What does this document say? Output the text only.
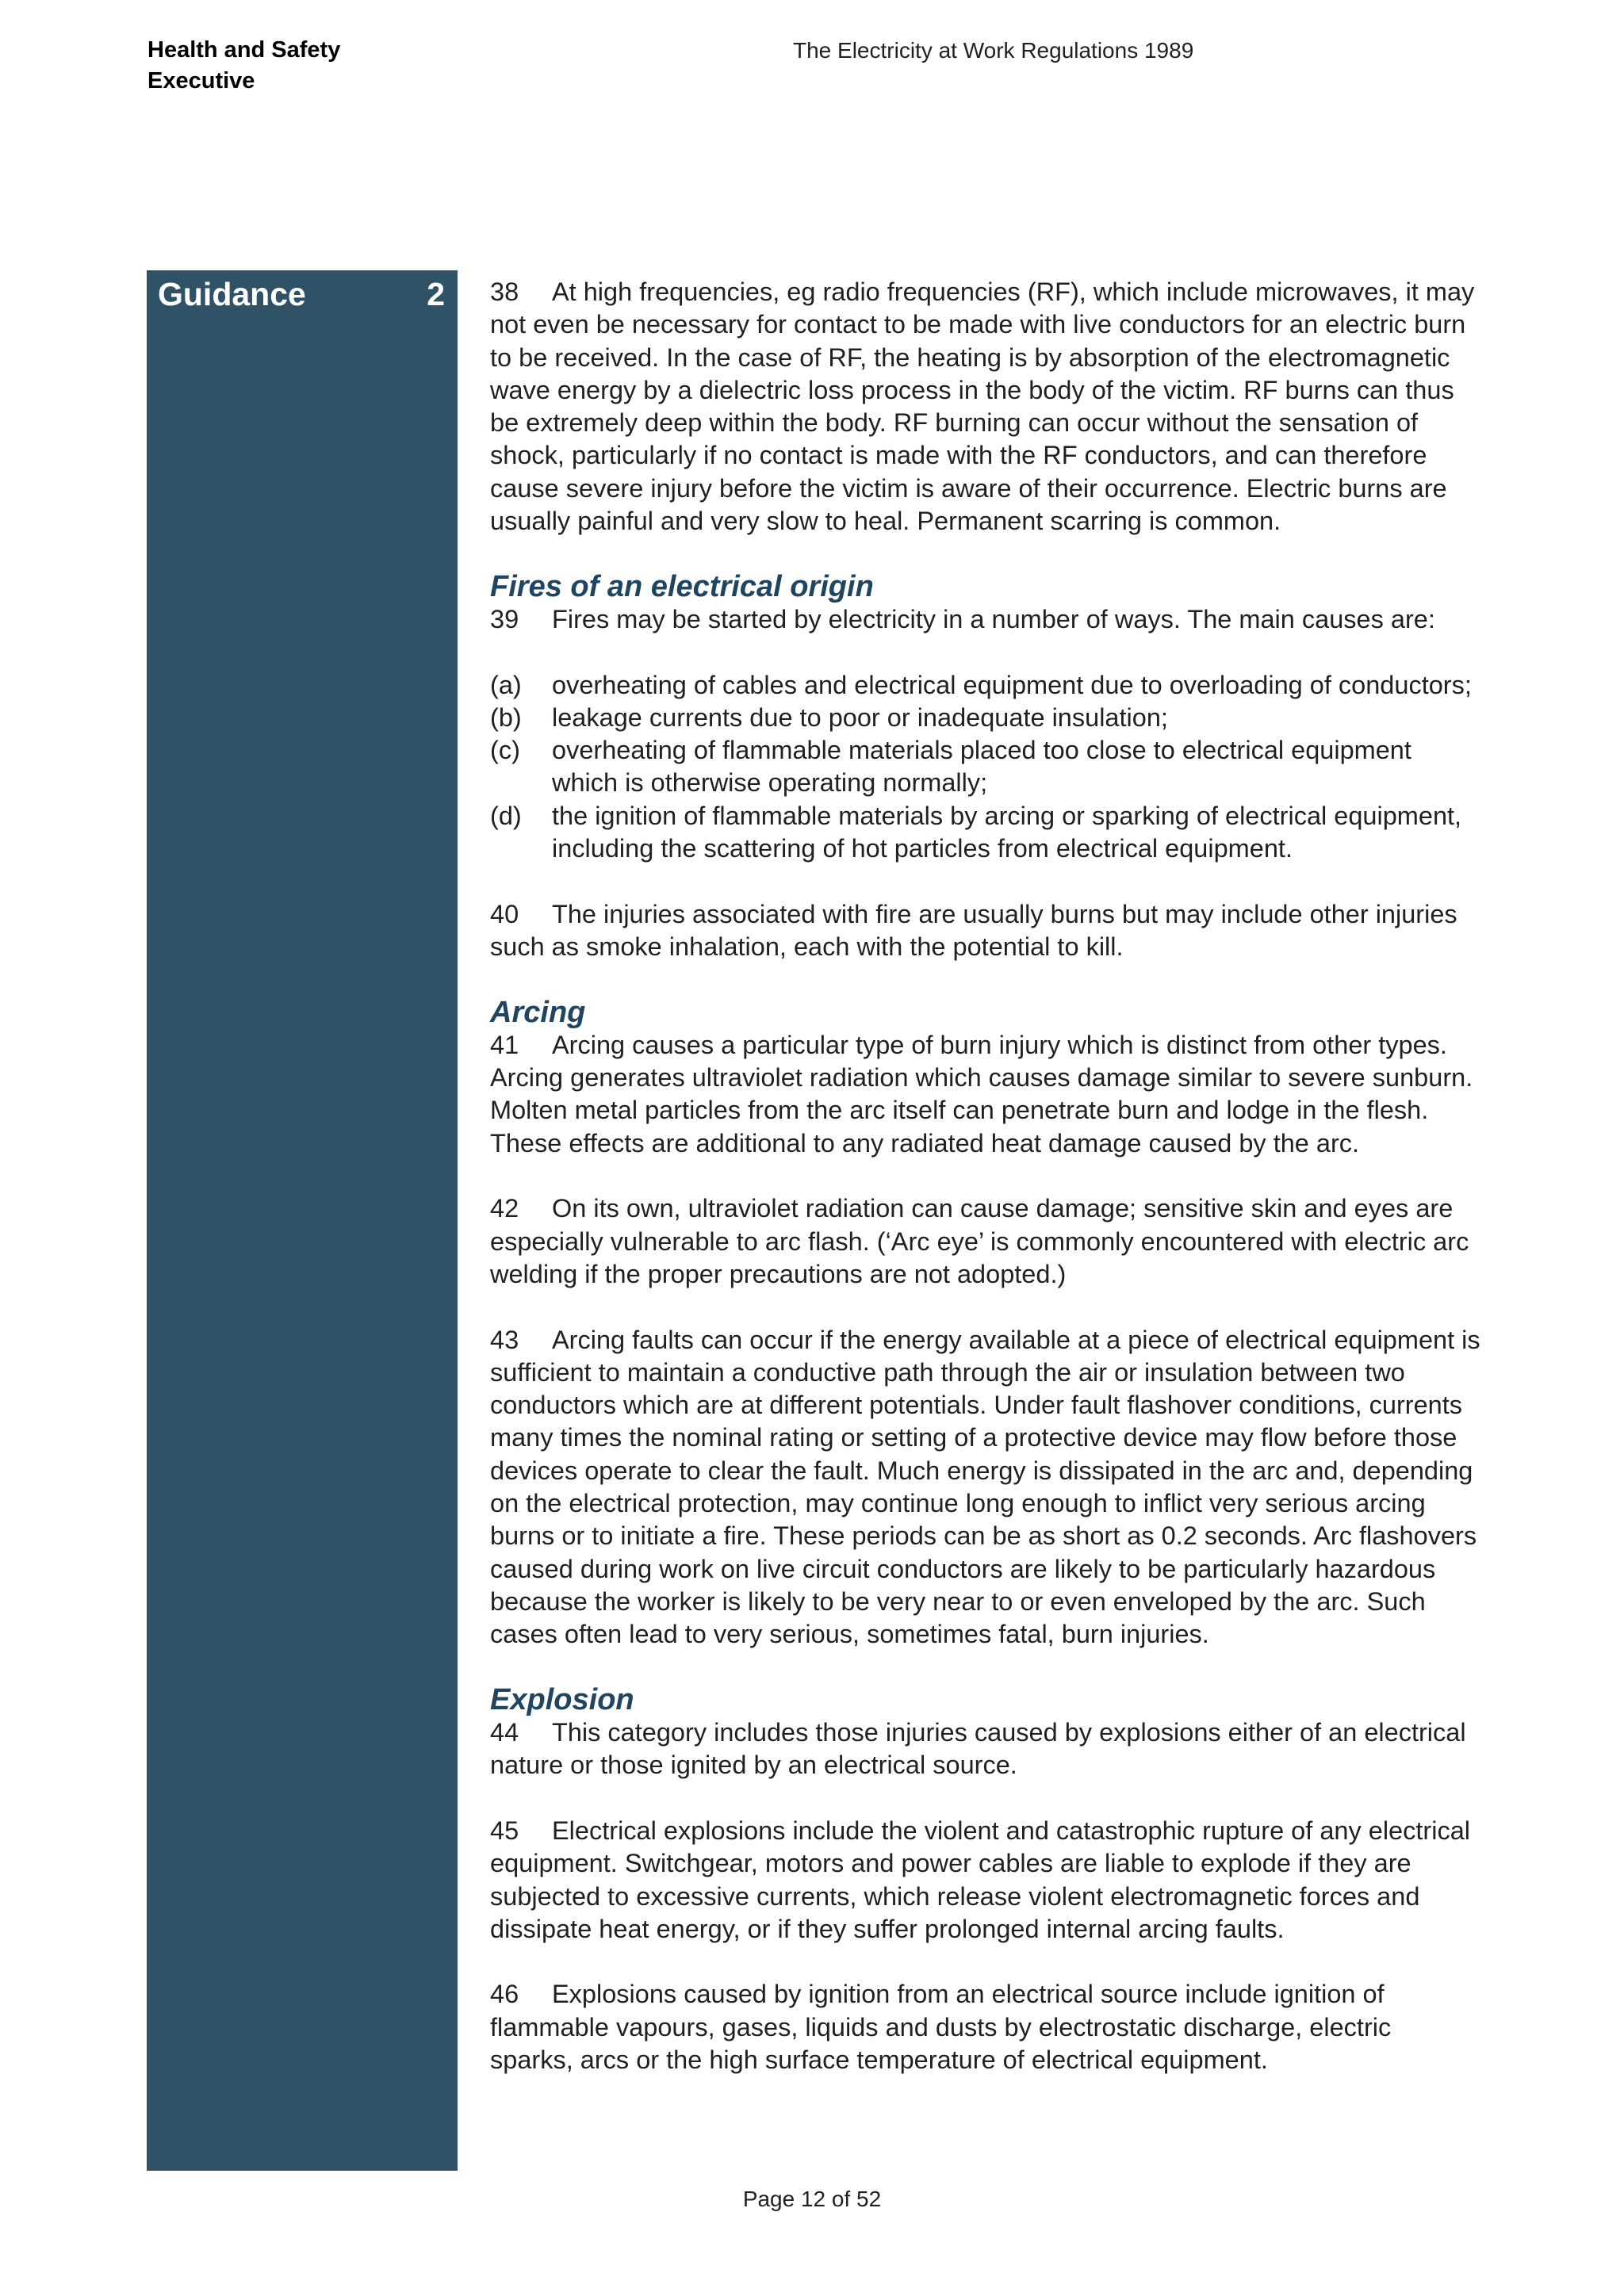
Health and Safety
Executive
The Electricity at Work Regulations 1989
Guidance	2 38 At high frequencies, eg radio frequencies (RF), which include microwaves, it may not even be necessary for contact to be made with live conductors for an electric burn to be received. In the case of RF, the heating is by absorption of the electromagnetic wave energy by a dielectric loss process in the body of the victim. RF burns can thus be extremely deep within the body. RF burning can occur without the sensation of shock, particularly if no contact is made with the RF conductors, and can therefore cause severe injury before the victim is aware of their occurrence. Electric burns are usually painful and very slow to heal. Permanent scarring is common.

Fires of an electrical origin

39 Fires may be started by electricity in a number of ways. The main causes are:

(a)	overheating of cables and electrical equipment due to overloading of conductors;
(b)	leakage currents due to poor or inadequate insulation;
(c)	overheating of flammable materials placed too close to electrical equipment which is otherwise operating normally;
(d)	the ignition of flammable materials by arcing or sparking of electrical equipment, including the scattering of hot particles from electrical equipment.

40 The injuries associated with fire are usually burns but may include other injuries such as smoke inhalation, each with the potential to kill.

Arcing

41 Arcing causes a particular type of burn injury which is distinct from other types. Arcing generates ultraviolet radiation which causes damage similar to severe sunburn. Molten metal particles from the arc itself can penetrate burn and lodge in the flesh. These effects are additional to any radiated heat damage caused by the arc.

42 On its own, ultraviolet radiation can cause damage; sensitive skin and eyes are especially vulnerable to arc flash. (‘Arc eye’ is commonly encountered with electric arc welding if the proper precautions are not adopted.)

43 Arcing faults can occur if the energy available at a piece of electrical equipment is sufficient to maintain a conductive path through the air or insulation between two conductors which are at different potentials. Under fault flashover conditions, currents many times the nominal rating or setting of a protective device may flow before those devices operate to clear the fault. Much energy is dissipated in the arc and, depending on the electrical protection, may continue long enough to inflict very serious arcing burns or to initiate a fire. These periods can be as short as 0.2 seconds. Arc flashovers caused during work on live circuit conductors are likely to be particularly hazardous because the worker is likely to be very near to or even enveloped by the arc. Such cases often lead to very serious, sometimes fatal, burn injuries.

Explosion

44 This category includes those injuries caused by explosions either of an electrical nature or those ignited by an electrical source.

45 Electrical explosions include the violent and catastrophic rupture of any electrical equipment. Switchgear, motors and power cables are liable to explode if they are subjected to excessive currents, which release violent electromagnetic forces and dissipate heat energy, or if they suffer prolonged internal arcing faults.

46 Explosions caused by ignition from an electrical source include ignition of flammable vapours, gases, liquids and dusts by electrostatic discharge, electric sparks, arcs or the high surface temperature of electrical equipment.

Page 12 of 52
